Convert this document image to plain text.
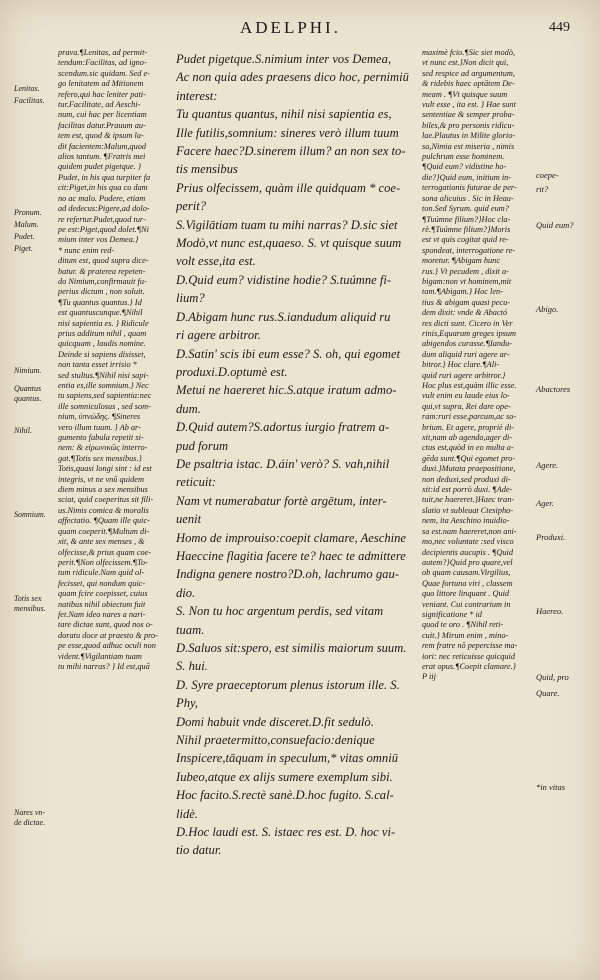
ADELPHI.	449
Lenitas.
Facilitas.
Pronum.
Malum.
Pudet.
Piget.
Nimium.
Quantus
quantus.
Nihil.
Somnium.
Totis sex
mensibus.
Nares vn-
de dictae.
prava.¶Lenitas, ad permit-
tendum:Facilitas, ad igno-
scendum.sic quidam. Sed e-
go lenitatem ad Mitionem
refero,qui hac leniter pati-
tur.Facilitate, ad Aeschi-
num, cui hac per licentiam
facilitas datur.Prauum au-
tem est, quod & ipsum la-
dit facientem:Malum,quod
alios tantum. ¶Fratris mei
quidem pudet pigetque. }
Pudet, in his qua turpiter fa
cit:Piget,in his qua cu dam
no ac malo. Pudere, etiam
ad dedecus:Pigere,ad dolo-
re refertur.Pudet,quod tur-
pe est:Piget,quod dolet.¶Ni
mium inter vos Demea.}
* nunc enim red-
ditum est, quod supra dice-
batur. & praterea repeten-
do Nimium,confirmauit fu-
perius dictum , non soluit.
¶Tu quantus quantus.} Id
est quantuscunque.¶Nihil
nisi sapientia es. } Ridicule
prius additum nihil , quam
quicquam , laudis nomine.
Deinde si sapiens dixisset,
non tanta esset irrisio *
sed stultus.¶Nihil nisi sapi-
entia es,ille somnium.} Nec
tu sapiens,sed sapientia:nec
ille somniculosus , sed som-
nium, ὑπνώδης. ¶Sineres
vero illum tuum. } Ab ar-
gumento fabula repetit si-
nem: & εἰρωνικῶς interro-
gat.¶Totis sex mensibus.}
Totis,quasi longi sint : id est
integris, vt ne vnū quidem
diem minus a sex mensibus
sciat, quid coeperitus sit fili-
us.Nimis comica & moralis
affectatio. ¶Quam ille quic-
quam coeperit.¶Multum di-
xit, & ante sex menses , &
olfecisse,& prius quam coe-
perit.¶Non olfecissem.¶To-
tum ridicule.Nam quid ol-
fecisset, qui nondum quic-
quam fcire coepisset, cuius
natibus nihil obiectum fuit
fet.Nam ideo nares a nari-
tare dictae sunt, quod nos o-
doratu doce at praesto & pro-
pe esse,quod adhuc oculi non
vident.¶Vigilantiam tuam
tu mihi narras? } Id est,quā
Pudet pigetque.S.nimium inter vos Demea,
Ac non quia ades praesens dico hoc, pernimiū
interest:
Tu quantus quantus, nihil nisi sapientia es,
Ille futilis,somnium: sineres verò illum tuum
Facere haec?D.sinerem illum? an non sex to-
tis mensibus
Prius olfecissem, quàm ille quidquam * coe-
perit?
S.Vigilātiam tuam tu mihi narras? D.sic siet
Modò,vt nunc est,quaeso. S. vt quisque suum
volt esse,ita est.
D.Quid eum? vidistine hodie? S.tuúmne fi-
lium?
D.Abigam hunc rus.S.iandudum aliquid ru
ri agere arbitror.
D.Satin' scis ibi eum esse? S. oh, qui egomet
produxi.D.optumè est.
Metui ne haereret hic.S.atque iratum admo-
dum.
D.Quid autem?S.adortus iurgio fratrem a-
pud forum
De psaltria istac. D.áin' verò? S. vah,nihil
reticuit:
Nam vt numerabatur fortè argētum, inter-
uenit
Homo de improuiso:coepit clamare, Aeschine
Haeccine flagitia facere te? haec te admittere
Indigna genere nostro?D.oh, lachrumo gau-
dio.
S. Non tu hoc argentum perdis, sed vitam
tuam.
D.Saluos sit:spero, est similis maiorum suum.
S. hui.
D. Syre praeceptorum plenus istorum ille. S.
Phy,
Domi habuit vnde disceret.D.fit sedulò.
Nihil praetermitto,consuefacio:denique
Inspicere,tāquam in speculum,* vitas omniū
Iubeo,atque ex alijs sumere exemplum sibi.
Hoc facito.S.rectè sanè.D.hoc fugito. S.cal-
lidè.
D.Hoc laudi est. S. istaec res est. D. hoc vi-
tio datur.
maximè fcio.¶Sic siet modò,
vt nunc est.}Non dicit qui,
sed respice ad argumentum,
& ridebis haec optātem De-
meam . ¶Vt quisque suum
vult esse , ita est. } Hae sunt
sententiae & semper proba-
biles,& pro personis ridicu-
lae.Plautus in Milite glorio-
so,Nimia est miseria , nimis
pulchrum esse hominem.
¶Quid eum? vidistine ho-
die?}Quid eum, initium in-
terrogationis futurae de per-
sona alicuius . Sic in Heau-
ton.Sed Syrum. quid eum?
¶Tuúmne filium?}Hoc cla-
rè.¶Tuúmne filium?}Moris
est vt quis cogitat quid re-
spondeat, interrogatione re-
moretur. ¶Abigam hunc
rus.} Vt pecudem , dixit a-
bigam:non vt hominem,mit
tam.¶Abigam.} Hoc len-
tius & abigam quasi pecu-
dem dixit: vnde & Abactó
res dicti sunt. Cicero in Ver
rinis,Equarum greges ipsum
abigendos curasse.¶Iandu-
dum aliquid ruri agere ar-
bitror.} Hoc clare.¶Ali-
quid ruri agere arbitror.}
Hoc plus est,quàm illic esse.
vult enim eu laude eius lo-
qui,vt supra, Rei dare ope-
ram:ruri esse,parcum,ac so-
brium. Et agere, propriè di-
xit,nam ab agendo,ager di-
ctus est,quòd in eo multa a-
gēda sunt.¶Qui egomet pro-
duxi.}Mutata praepositione,
non deduxi,sed produxi di-
xit:id est porrò duxi. ¶Ade-
tuit,ne haereret.}Haec tran-
slatio vt subleuat Ctesipho-
nem, ita Aeschino inuidio-
sa est.nam haereret,non ani-
mo,nec voluntate :sed visco
decipientis aucupis . ¶Quid
autem?}Quid pro quare,vel
ob quam causam.Virgilius,
Quae fortuna viri , classem
quo littore linquant . Quid
veniant. Cui contrarium in
significatione * id
quod te oro . ¶Nihil reti-
cuit.} Mirum enim , mino-
rem fratre nō pepercisse ma-
iori: nec reticuisse quicquid
erat opus.¶Coepit clamare.}
P iij
coepe-
rit?
Quid eum?
Abigo.
Abactores
Agere.
Ager.
Produxi.
Haereo.
Quid, pro
Quare.
*in vitas
